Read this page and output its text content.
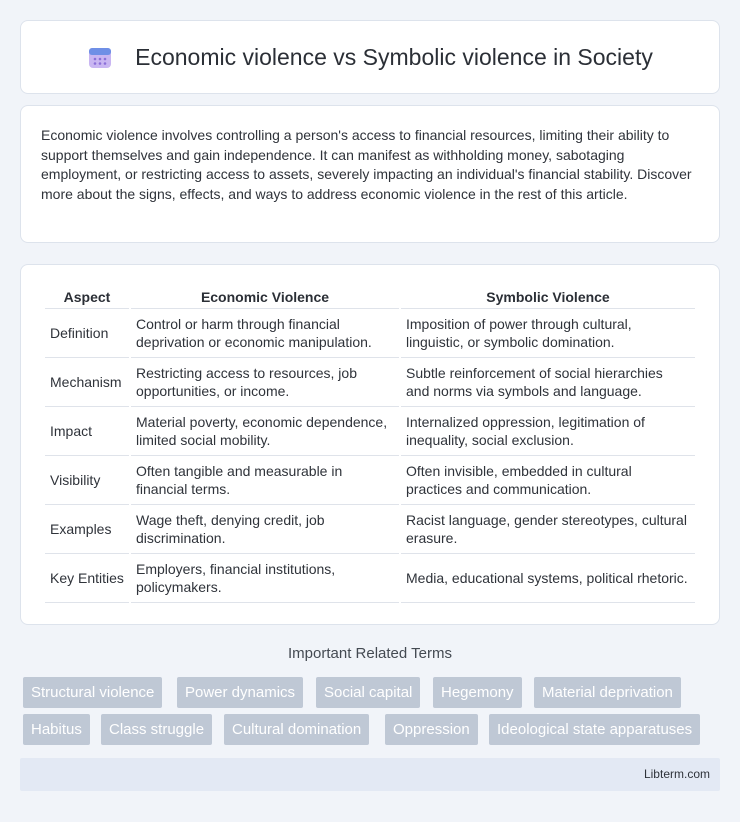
Economic violence vs Symbolic violence in Society

Economic violence involves controlling a person's access to financial resources, limiting their ability to support themselves and gain independence. It can manifest as withholding money, sabotaging employment, or restricting access to assets, severely impacting an individual's financial stability. Discover more about the signs, effects, and ways to address economic violence in the rest of this article.

Aspect	Economic Violence	Symbolic Violence
Definition	Control or harm through financial deprivation or economic manipulation.	Imposition of power through cultural, linguistic, or symbolic domination.
Mechanism	Restricting access to resources, job opportunities, or income.	Subtle reinforcement of social hierarchies and norms via symbols and language.
Impact	Material poverty, economic dependence, limited social mobility.	Internalized oppression, legitimation of inequality, social exclusion.
Visibility	Often tangible and measurable in financial terms.	Often invisible, embedded in cultural practices and communication.
Examples	Wage theft, denying credit, job discrimination.	Racist language, gender stereotypes, cultural erasure.
Key Entities	Employers, financial institutions, policymakers.	Media, educational systems, political rhetoric.
Important Related Terms
Structural violence	Power dynamics	Social capital	Hegemony	Material deprivation
Habitus	Class struggle	Cultural domination	Oppression	Ideological state apparatuses
Libterm.com
